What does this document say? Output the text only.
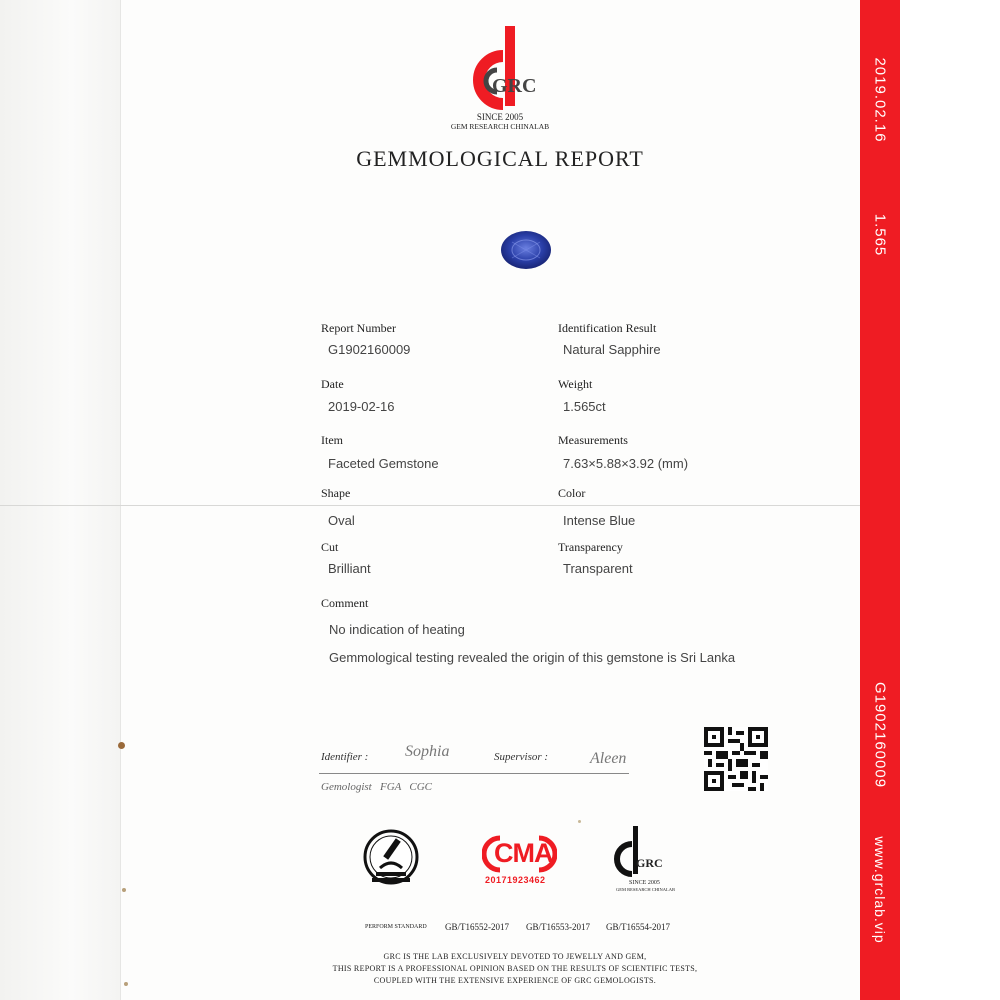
GRC
SINCE 2005
GEM RESEARCH CHINALAB
GEMMOLOGICAL REPORT
Report Number
G1902160009
Date
2019-02-16
Item
Faceted Gemstone
Shape
Oval
Cut
Brilliant
Identification Result
Natural Sapphire
Weight
1.565ct
Measurements
7.63×5.88×3.92 (mm)
Color
Intense Blue
Transparency
Transparent
Comment
No indication of heating
Gemmological testing revealed the origin of this gemstone is Sri Lanka
Identifier : Sophia	Supervisor :	Aleen
Gemologist   FGA   CGC
CMA
20171923462
GRC
SINCE 2005
GEM RESEARCH CHINALAB
PERFORM STANDARD GB/T16552-2017 GB/T16553-2017 GB/T16554-2017
GRC IS THE LAB EXCLUSIVELY DEVOTED TO JEWELLY AND GEM,
THIS REPORT IS A PROFESSIONAL OPINION BASED ON THE RESULTS OF SCIENTIFIC TESTS,
COUPLED WITH THE EXTENSIVE EXPERIENCE OF GRC GEMOLOGISTS.
2019.02.16
1.565
G1902160009
www.grclab.vip
